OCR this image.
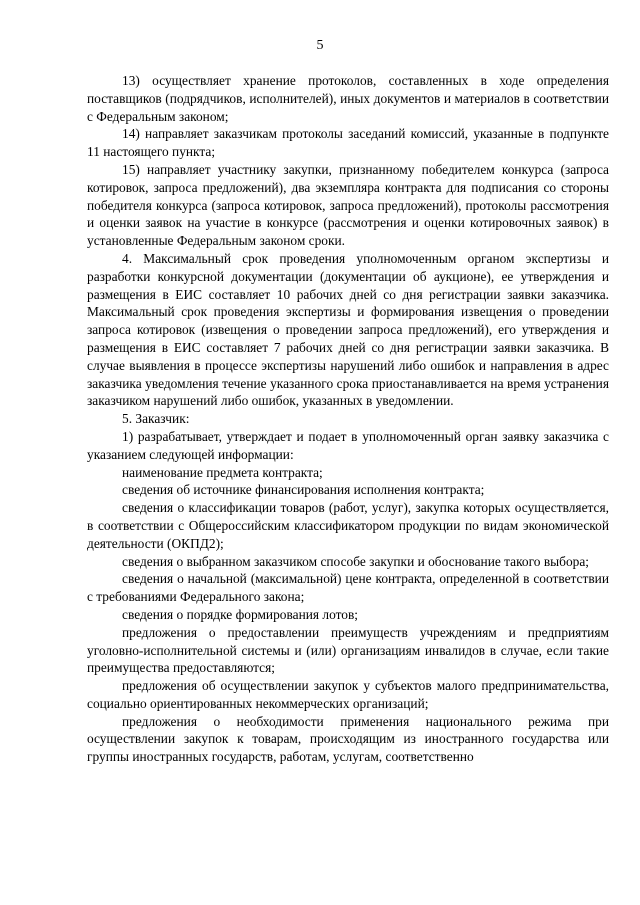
5

13) осуществляет хранение протоколов, составленных в ходе определения поставщиков (подрядчиков, исполнителей), иных документов и материалов в соответствии с Федеральным законом;

14) направляет заказчикам протоколы заседаний комиссий, указанные в подпункте 11 настоящего пункта;

15) направляет участнику закупки, признанному победителем конкурса (запроса котировок, запроса предложений), два экземпляра контракта для подписания со стороны победителя конкурса (запроса котировок, запроса предложений), протоколы рассмотрения и оценки заявок на участие в конкурсе (рассмотрения и оценки котировочных заявок) в установленные Федеральным законом сроки.

4. Максимальный срок проведения уполномоченным органом экспертизы и разработки конкурсной документации (документации об аукционе), ее утверждения и размещения в ЕИС составляет 10 рабочих дней со дня регистрации заявки заказчика. Максимальный срок проведения экспертизы и формирования извещения о проведении запроса котировок (извещения о проведении запроса предложений), его утверждения и размещения в ЕИС составляет 7 рабочих дней со дня регистрации заявки заказчика. В случае выявления в процессе экспертизы нарушений либо ошибок и направления в адрес заказчика уведомления течение указанного срока приостанавливается на время устранения заказчиком нарушений либо ошибок, указанных в уведомлении.

5. Заказчик:

1) разрабатывает, утверждает и подает в уполномоченный орган заявку заказчика с указанием следующей информации:

наименование предмета контракта;

сведения об источнике финансирования исполнения контракта;

сведения о классификации товаров (работ, услуг), закупка которых осуществляется, в соответствии с Общероссийским классификатором продукции по видам экономической деятельности (ОКПД2);

сведения о выбранном заказчиком способе закупки и обоснование такого выбора;

сведения о начальной (максимальной) цене контракта, определенной в соответствии с требованиями Федерального закона;

сведения о порядке формирования лотов;

предложения о предоставлении преимуществ учреждениям и предприятиям уголовно-исполнительной системы и (или) организациям инвалидов в случае, если такие преимущества предоставляются;

предложения об осуществлении закупок у субъектов малого предпринимательства, социально ориентированных некоммерческих организаций;

предложения о необходимости применения национального режима при осуществлении закупок к товарам, происходящим из иностранного государства или группы иностранных государств, работам, услугам, соответственно
